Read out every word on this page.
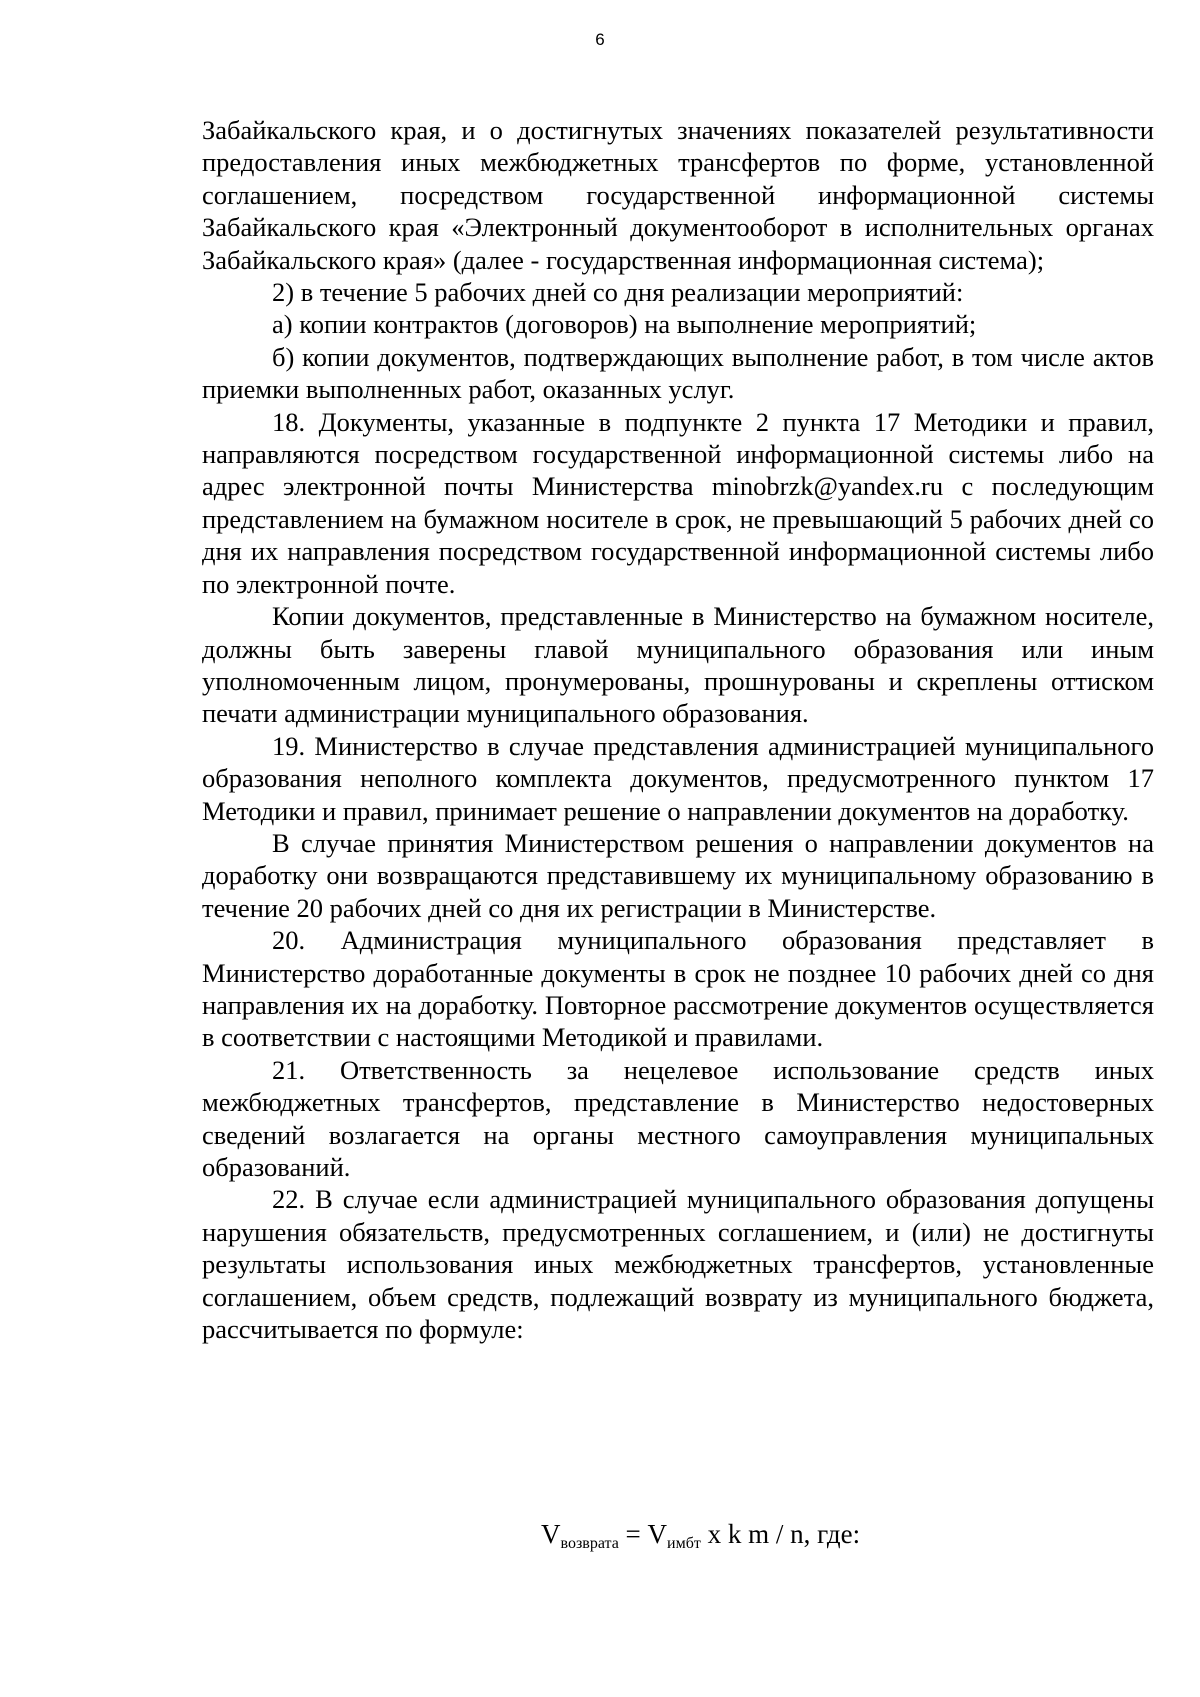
6

Забайкальского края, и о достигнутых значениях показателей результативности предоставления иных межбюджетных трансфертов по форме, установленной соглашением, посредством государственной информационной системы Забайкальского края «Электронный документооборот в исполнительных органах Забайкальского края» (далее - государственная информационная система);

2) в течение 5 рабочих дней со дня реализации мероприятий:

а) копии контрактов (договоров) на выполнение мероприятий;

б) копии документов, подтверждающих выполнение работ, в том числе актов приемки выполненных работ, оказанных услуг.

18. Документы, указанные в подпункте 2 пункта 17 Методики и правил, направляются посредством государственной информационной системы либо на адрес электронной почты Министерства minobrzk@yandex.ru с последующим представлением на бумажном носителе в срок, не превышающий 5 рабочих дней со дня их направления посредством государственной информационной системы либо по электронной почте.

Копии документов, представленные в Министерство на бумажном носителе, должны быть заверены главой муниципального образования или иным уполномоченным лицом, пронумерованы, прошнурованы и скреплены оттиском печати администрации муниципального образования.

19. Министерство в случае представления администрацией муниципального образования неполного комплекта документов, предусмотренного пунктом 17 Методики и правил, принимает решение о направлении документов на доработку.

В случае принятия Министерством решения о направлении документов на доработку они возвращаются представившему их муниципальному образованию в течение 20 рабочих дней со дня их регистрации в Министерстве.

20. Администрация муниципального образования представляет в Министерство доработанные документы в срок не позднее 10 рабочих дней со дня направления их на доработку. Повторное рассмотрение документов осуществляется в соответствии с настоящими Методикой и правилами.

21. Ответственность за нецелевое использование средств иных межбюджетных трансфертов, представление в Министерство недостоверных сведений возлагается на органы местного самоуправления муниципальных образований.

22. В случае если администрацией муниципального образования допущены нарушения обязательств, предусмотренных соглашением, и (или) не достигнуты результаты использования иных межбюджетных трансфертов, установленные соглашением, объем средств, подлежащий возврату из муниципального бюджета, рассчитывается по формуле:

Vвозврата = Vимбт x k m / n, где:
